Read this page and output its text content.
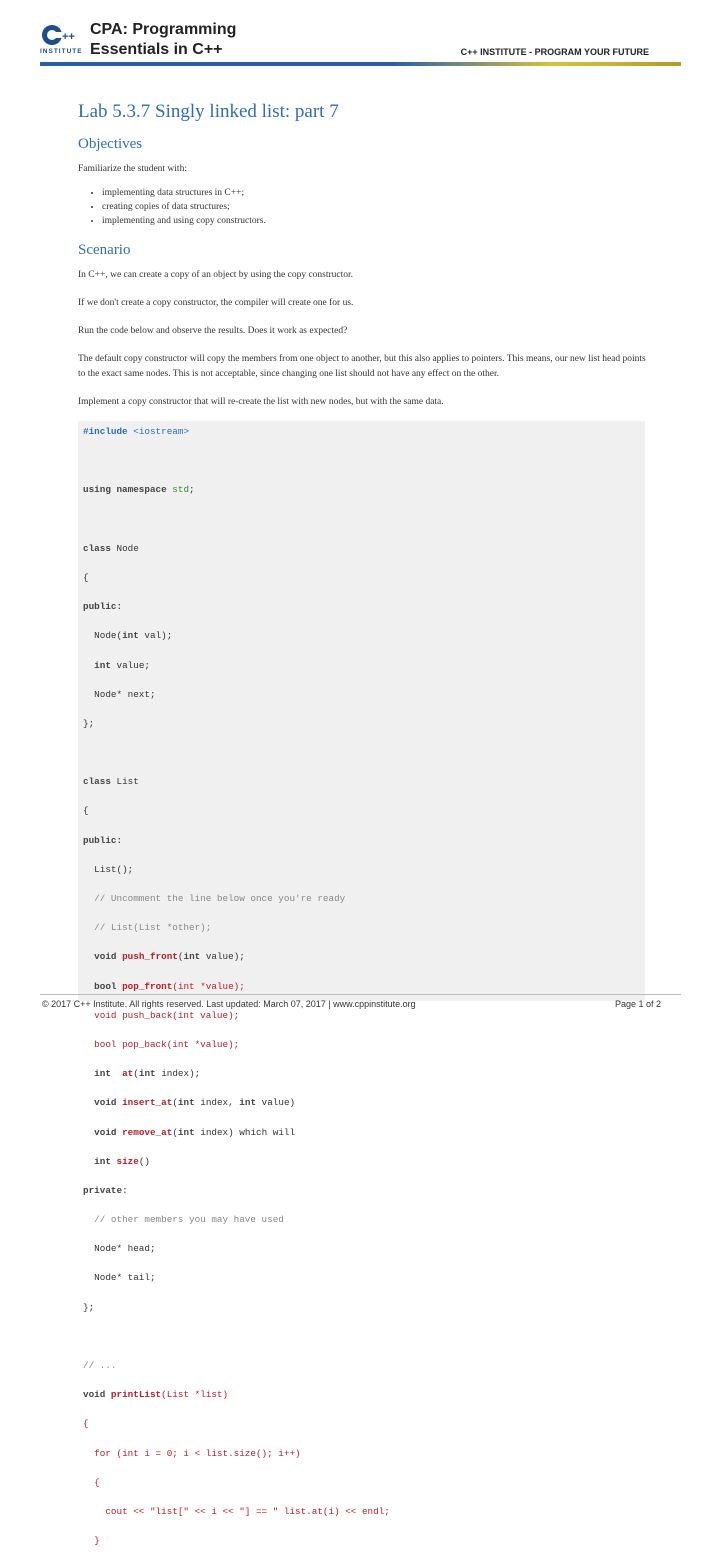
++ CPA: Programming
Essentials in C++
INSTITUTE	C++ INSTITUTE - PROGRAM YOUR FUTURE
Lab 5.3.7 Singly linked list: part 7
Objectives

Familiarize the student with:

• implementing data structures in C++;
• creating copies of data structures;
• implementing and using copy constructors.
Scenario

In C++, we can create a copy of an object by using the copy constructor.

If we don't create a copy constructor, the compiler will create one for us.

Run the code below and observe the results. Does it work as expected?

The default copy constructor will copy the members from one object to another, but this also applies to pointers. This means, our new list head points to the exact same nodes. This is not acceptable, since changing one list should not have any effect on the other.

Implement a copy constructor that will re-create the list with new nodes, but with the same data.

#include <iostream>

using namespace std;

class Node

{

public:

Node(int val);

int value;

Node* next;

};

class List

{

public:

List();

// Uncomment the line below once you're ready

// List(List *other);

void push_front(int value);

bool pop_front(int *value);

void push_back(int value);

bool pop_back(int *value);

int  at(int index);

void insert_at(int index, int value)

void remove_at(int index) which will

int size()

private:

// other members you may have used

Node* head;

Node* tail;

};

// ...

void printList(List *list)

{

for (int i = 0; i < list.size(); i++)

{

cout << "list[" << i << "] == " list.at(i) << endl;

}

© 2017 C++ Institute. All rights reserved. Last updated: March 07, 2017 | www.cppinstitute.org	Page 1 of 2
